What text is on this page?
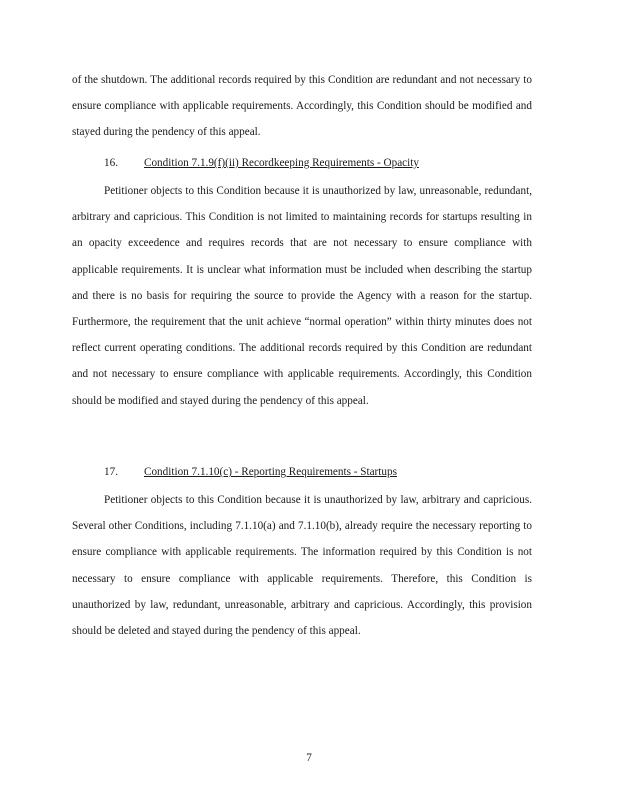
of the shutdown. The additional records required by this Condition are redundant and not necessary to ensure compliance with applicable requirements. Accordingly, this Condition should be modified and stayed during the pendency of this appeal.

16. Condition 7.1.9(f)(ii) Recordkeeping Requirements - Opacity

Petitioner objects to this Condition because it is unauthorized by law, unreasonable, redundant, arbitrary and capricious. This Condition is not limited to maintaining records for startups resulting in an opacity exceedence and requires records that are not necessary to ensure compliance with applicable requirements. It is unclear what information must be included when describing the startup and there is no basis for requiring the source to provide the Agency with a reason for the startup. Furthermore, the requirement that the unit achieve “normal operation” within thirty minutes does not reflect current operating conditions. The additional records required by this Condition are redundant and not necessary to ensure compliance with applicable requirements. Accordingly, this Condition should be modified and stayed during the pendency of this appeal.

17. Condition 7.1.10(c) - Reporting Requirements - Startups

Petitioner objects to this Condition because it is unauthorized by law, arbitrary and capricious. Several other Conditions, including 7.1.10(a) and 7.1.10(b), already require the necessary reporting to ensure compliance with applicable requirements. The information required by this Condition is not necessary to ensure compliance with applicable requirements. Therefore, this Condition is unauthorized by law, redundant, unreasonable, arbitrary and capricious. Accordingly, this provision should be deleted and stayed during the pendency of this appeal.

7
